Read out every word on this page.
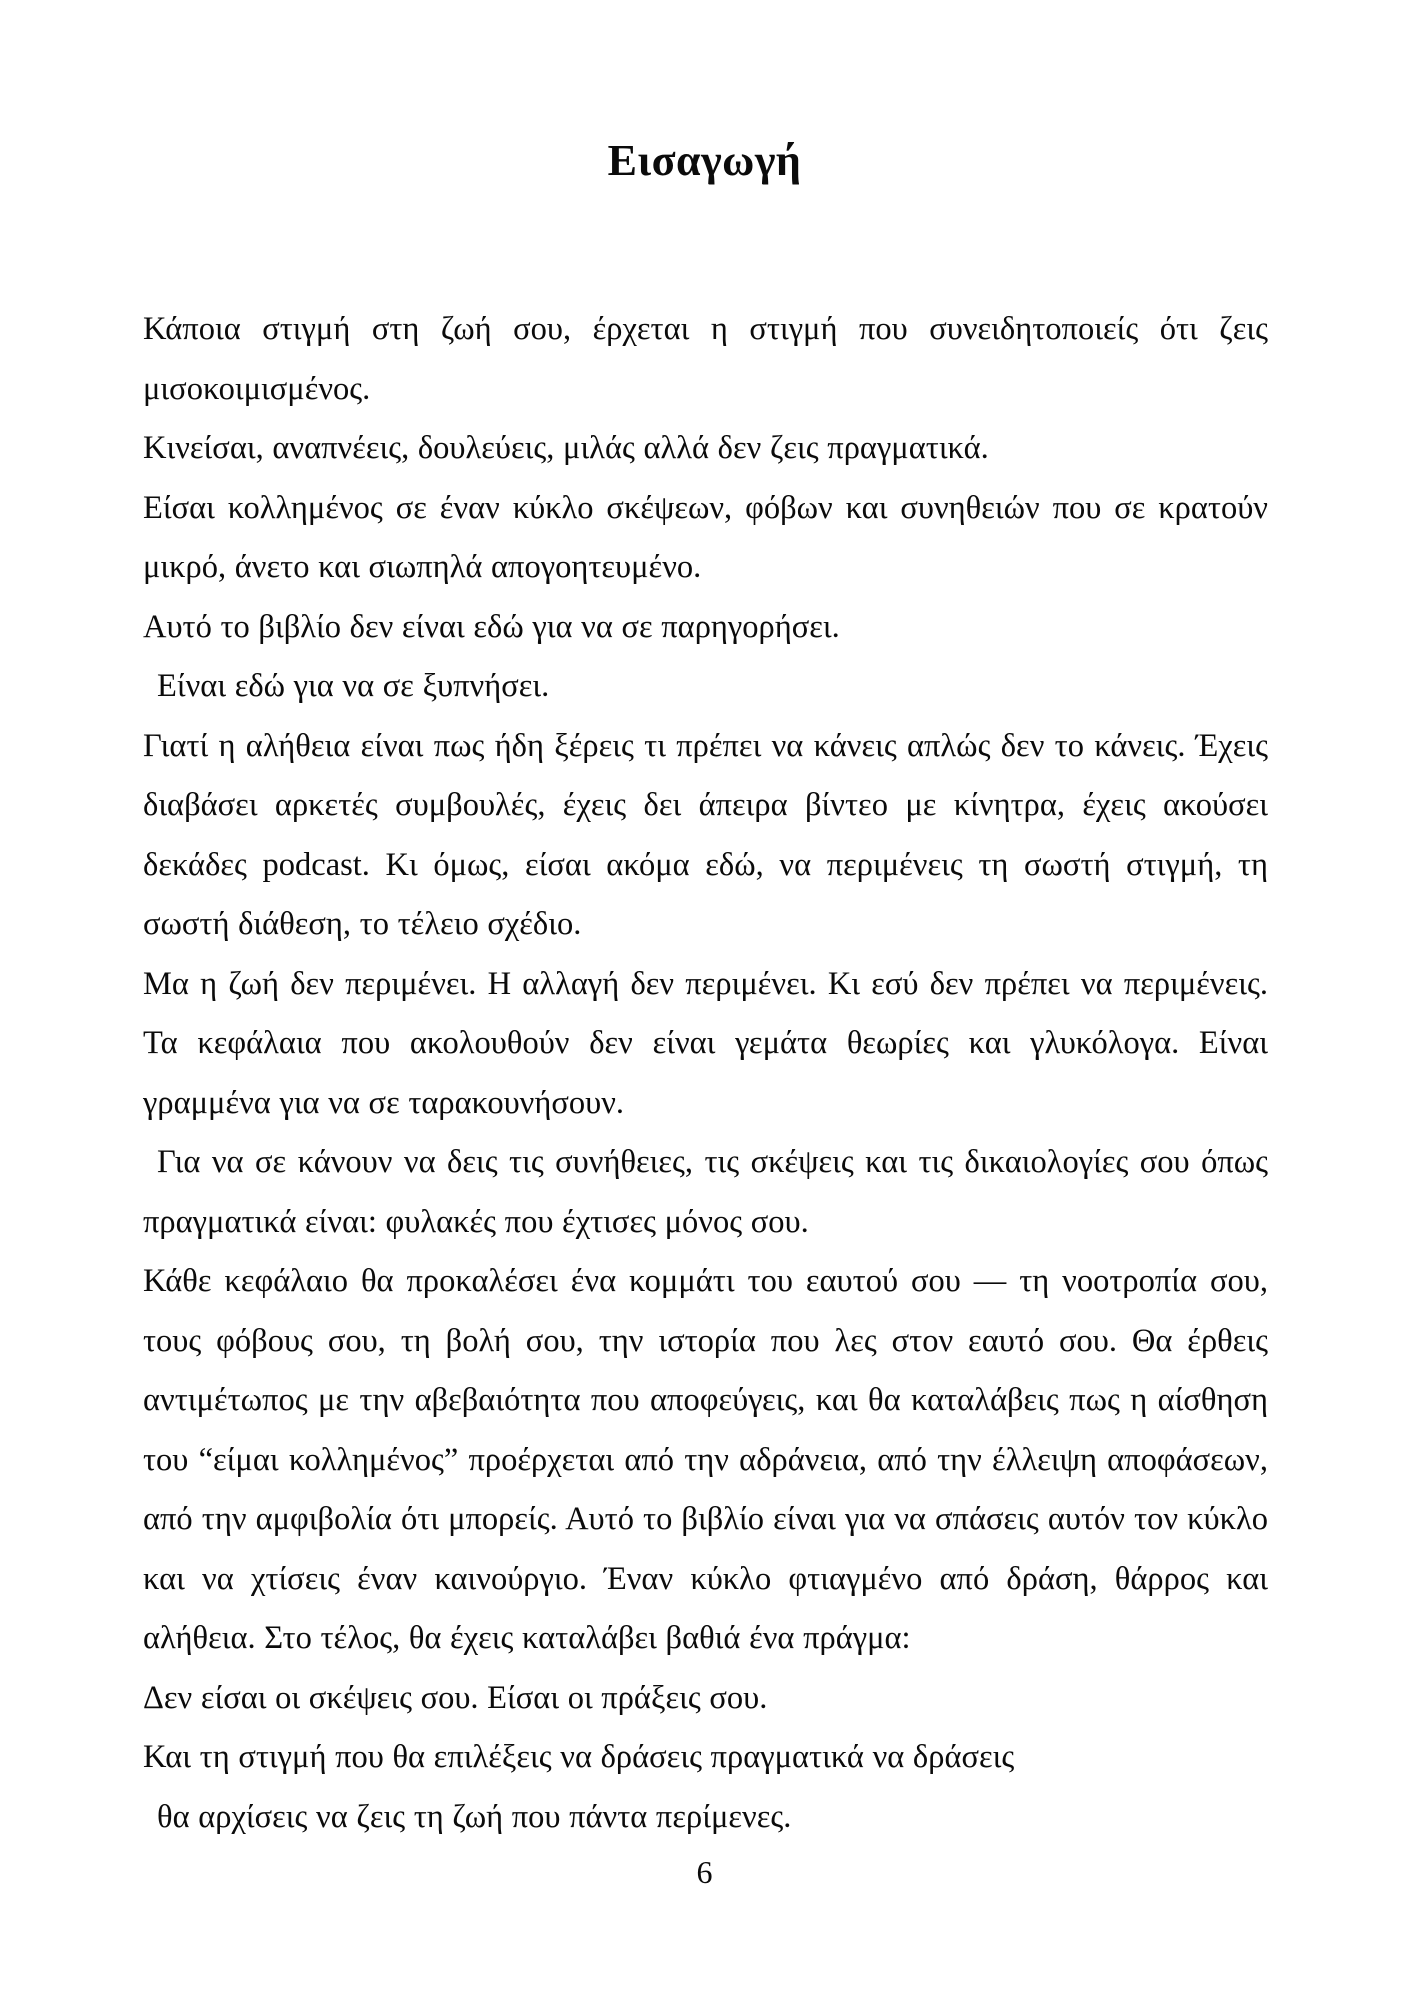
Εισαγωγή

Κάποια στιγμή στη ζωή σου, έρχεται η στιγμή που συνειδητοποιείς ότι ζεις μισοκοιμισμένος.

Κινείσαι, αναπνέεις, δουλεύεις, μιλάς αλλά δεν ζεις πραγματικά.

Είσαι κολλημένος σε έναν κύκλο σκέψεων, φόβων και συνηθειών που σε κρατούν μικρό, άνετο και σιωπηλά απογοητευμένο.

Αυτό το βιβλίο δεν είναι εδώ για να σε παρηγορήσει.

Είναι εδώ για να σε ξυπνήσει.

Γιατί η αλήθεια είναι πως ήδη ξέρεις τι πρέπει να κάνεις απλώς δεν το κάνεις. Έχεις διαβάσει αρκετές συμβουλές, έχεις δει άπειρα βίντεο με κίνητρα, έχεις ακούσει δεκάδες podcast. Κι όμως, είσαι ακόμα εδώ, να περιμένεις τη σωστή στιγμή, τη σωστή διάθεση, το τέλειο σχέδιο.

Μα η ζωή δεν περιμένει. Η αλλαγή δεν περιμένει. Κι εσύ δεν πρέπει να περιμένεις. Τα κεφάλαια που ακολουθούν δεν είναι γεμάτα θεωρίες και γλυκόλογα. Είναι γραμμένα για να σε ταρακουνήσουν.

Για να σε κάνουν να δεις τις συνήθειες, τις σκέψεις και τις δικαιολογίες σου όπως πραγματικά είναι: φυλακές που έχτισες μόνος σου.

Κάθε κεφάλαιο θα προκαλέσει ένα κομμάτι του εαυτού σου — τη νοοτροπία σου, τους φόβους σου, τη βολή σου, την ιστορία που λες στον εαυτό σου. Θα έρθεις αντιμέτωπος με την αβεβαιότητα που αποφεύγεις, και θα καταλάβεις πως η αίσθηση του “είμαι κολλημένος” προέρχεται από την αδράνεια, από την έλλειψη αποφάσεων, από την αμφιβολία ότι μπορείς. Αυτό το βιβλίο είναι για να σπάσεις αυτόν τον κύκλο και να χτίσεις έναν καινούργιο. Έναν κύκλο φτιαγμένο από δράση, θάρρος και αλήθεια. Στο τέλος, θα έχεις καταλάβει βαθιά ένα πράγμα:

Δεν είσαι οι σκέψεις σου. Είσαι οι πράξεις σου.

Και τη στιγμή που θα επιλέξεις να δράσεις πραγματικά να δράσεις

θα αρχίσεις να ζεις τη ζωή που πάντα περίμενες.

6
